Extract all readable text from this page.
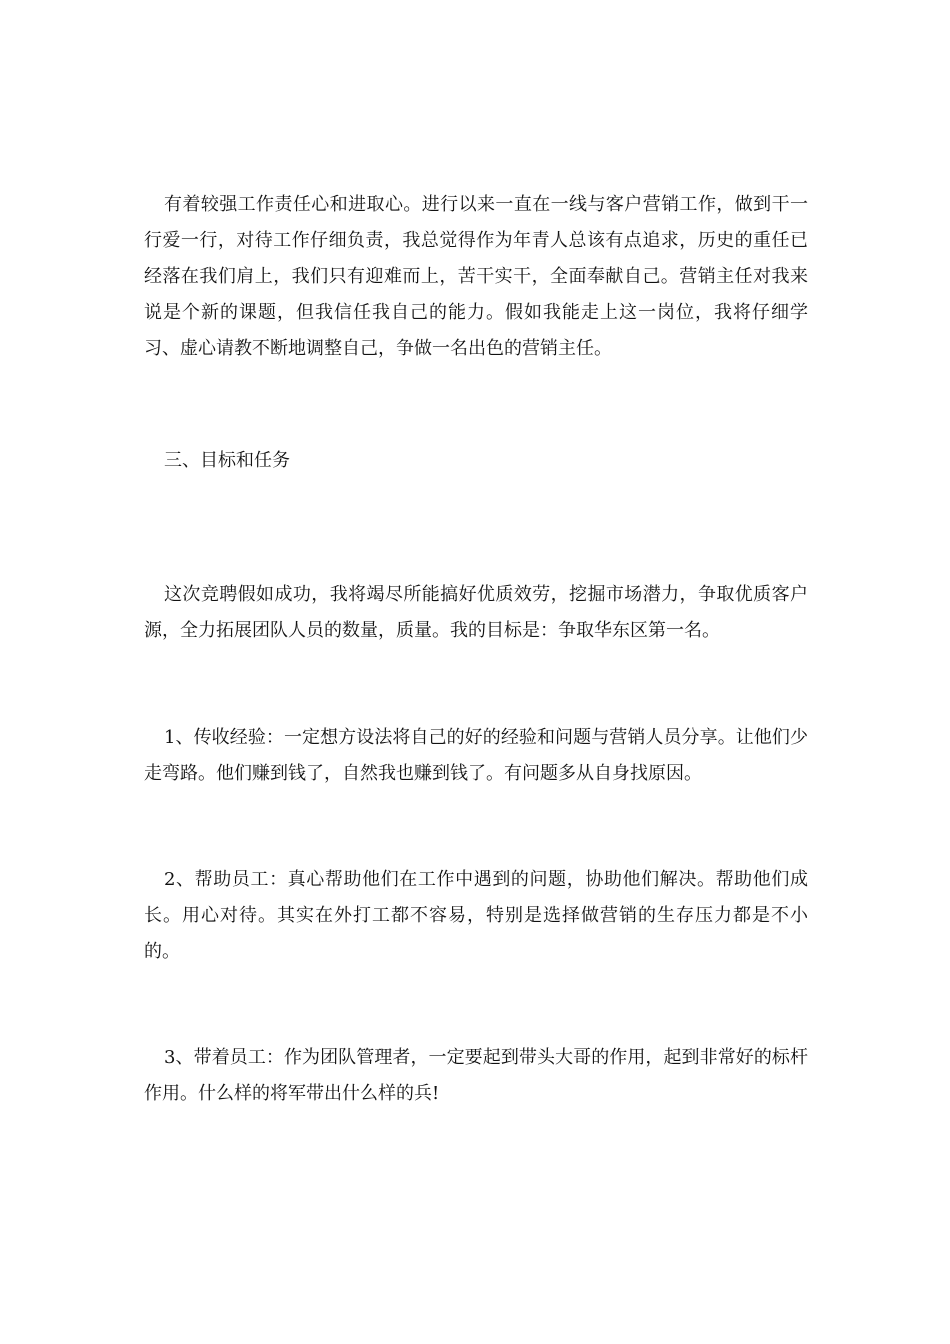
有着较强工作责任心和进取心。进行以来一直在一线与客户营销工作，做到干一行爱一行，对待工作仔细负责，我总觉得作为年青人总该有点追求，历史的重任已经落在我们肩上，我们只有迎难而上，苦干实干，全面奉献自己。营销主任对我来说是个新的课题，但我信任我自己的能力。假如我能走上这一岗位，我将仔细学习、虚心请教不断地调整自己，争做一名出色的营销主任。

三、目标和任务

这次竞聘假如成功，我将竭尽所能搞好优质效劳，挖掘市场潜力，争取优质客户源，全力拓展团队人员的数量，质量。我的目标是：争取华东区第一名。

1、传收经验：一定想方设法将自己的好的经验和问题与营销人员分享。让他们少走弯路。他们赚到钱了，自然我也赚到钱了。有问题多从自身找原因。

2、帮助员工：真心帮助他们在工作中遇到的问题，协助他们解决。帮助他们成长。用心对待。其实在外打工都不容易，特别是选择做营销的生存压力都是不小的。

3、带着员工：作为团队管理者，一定要起到带头大哥的作用，起到非常好的标杆作用。什么样的将军带出什么样的兵!
